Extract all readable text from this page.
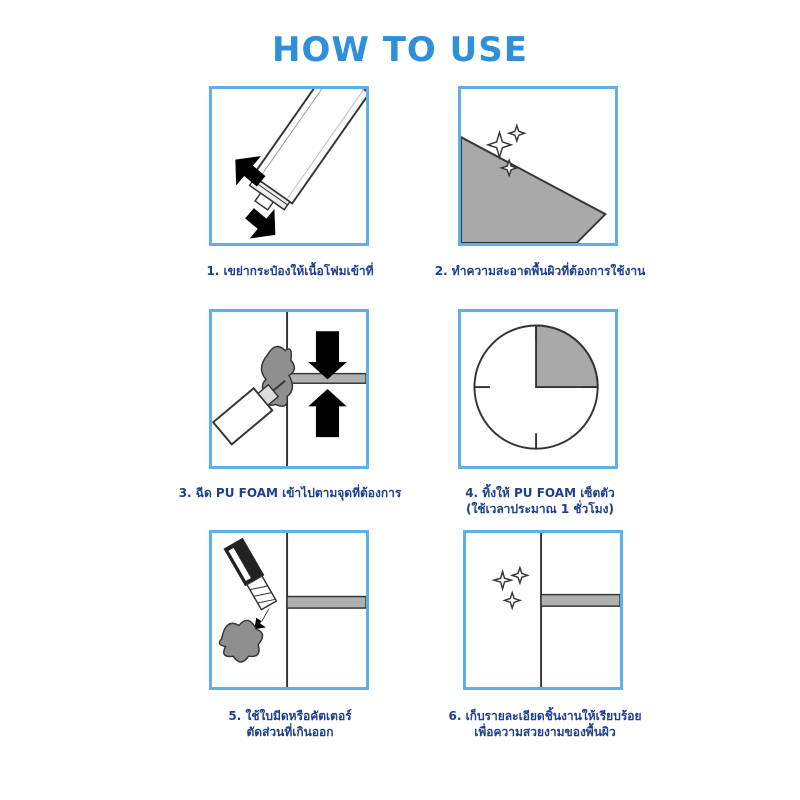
HOW TO USE
1. เขย่ากระป๋องให้เนื้อโฟมเข้าที่	2. ทำความสะอาดพื้นผิวที่ต้องการใช้งาน
3. ฉีด PU FOAM เข้าไปตามจุดที่ต้องการ	4. ทิ้งให้ PU FOAM เซ็ตตัว
(ใช้เวลาประมาณ 1 ชั่วโมง)
5. ใช้ใบมีดหรือคัตเตอร์
ตัดส่วนที่เกินออก
6. เก็บรายละเอียดชิ้นงานให้เรียบร้อย
เพื่อความสวยงามของพื้นผิว
